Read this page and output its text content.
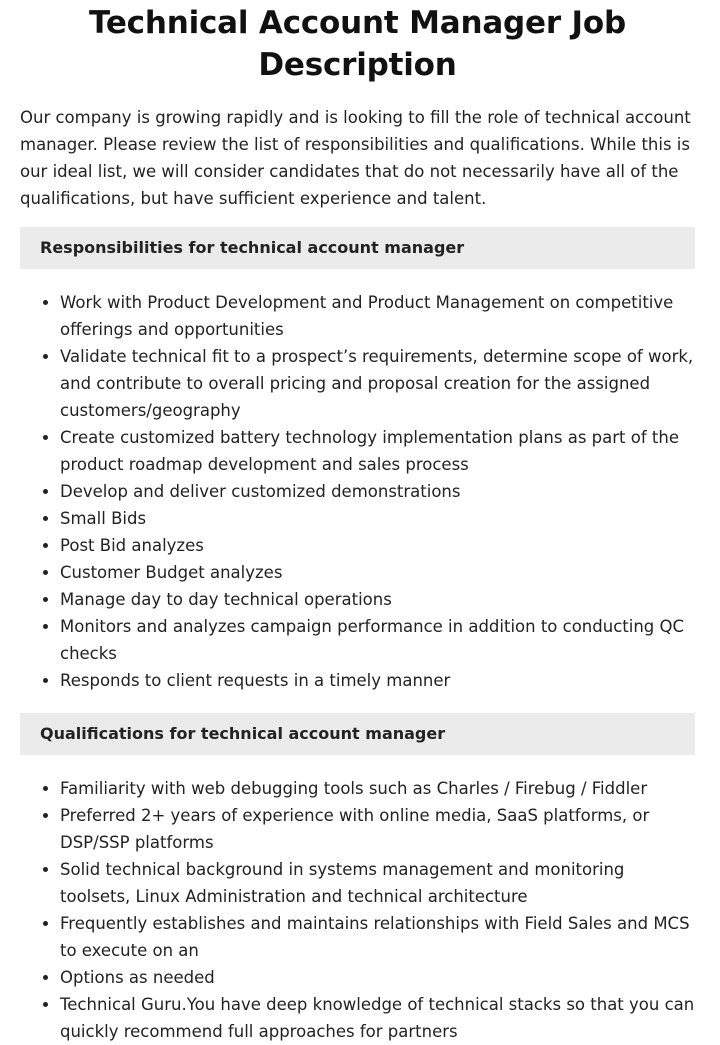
Technical Account Manager Job Description

Our company is growing rapidly and is looking to fill the role of technical account manager. Please review the list of responsibilities and qualifications. While this is our ideal list, we will consider candidates that do not necessarily have all of the qualifications, but have sufficient experience and talent.

Responsibilities for technical account manager
• Work with Product Development and Product Management on competitive offerings and opportunities
• Validate technical fit to a prospect’s requirements, determine scope of work, and contribute to overall pricing and proposal creation for the assigned customers/geography
• Create customized battery technology implementation plans as part of the product roadmap development and sales process
• Develop and deliver customized demonstrations
• Small Bids
• Post Bid analyzes
• Customer Budget analyzes
• Manage day to day technical operations
• Monitors and analyzes campaign performance in addition to conducting QC checks
• Responds to client requests in a timely manner
Qualifications for technical account manager
• Familiarity with web debugging tools such as Charles / Firebug / Fiddler
• Preferred 2+ years of experience with online media, SaaS platforms, or DSP/SSP platforms
• Solid technical background in systems management and monitoring toolsets, Linux Administration and technical architecture
• Frequently establishes and maintains relationships with Field Sales and MCS to execute on an
• Options as needed
• Technical Guru.You have deep knowledge of technical stacks so that you can quickly recommend full approaches for partners
